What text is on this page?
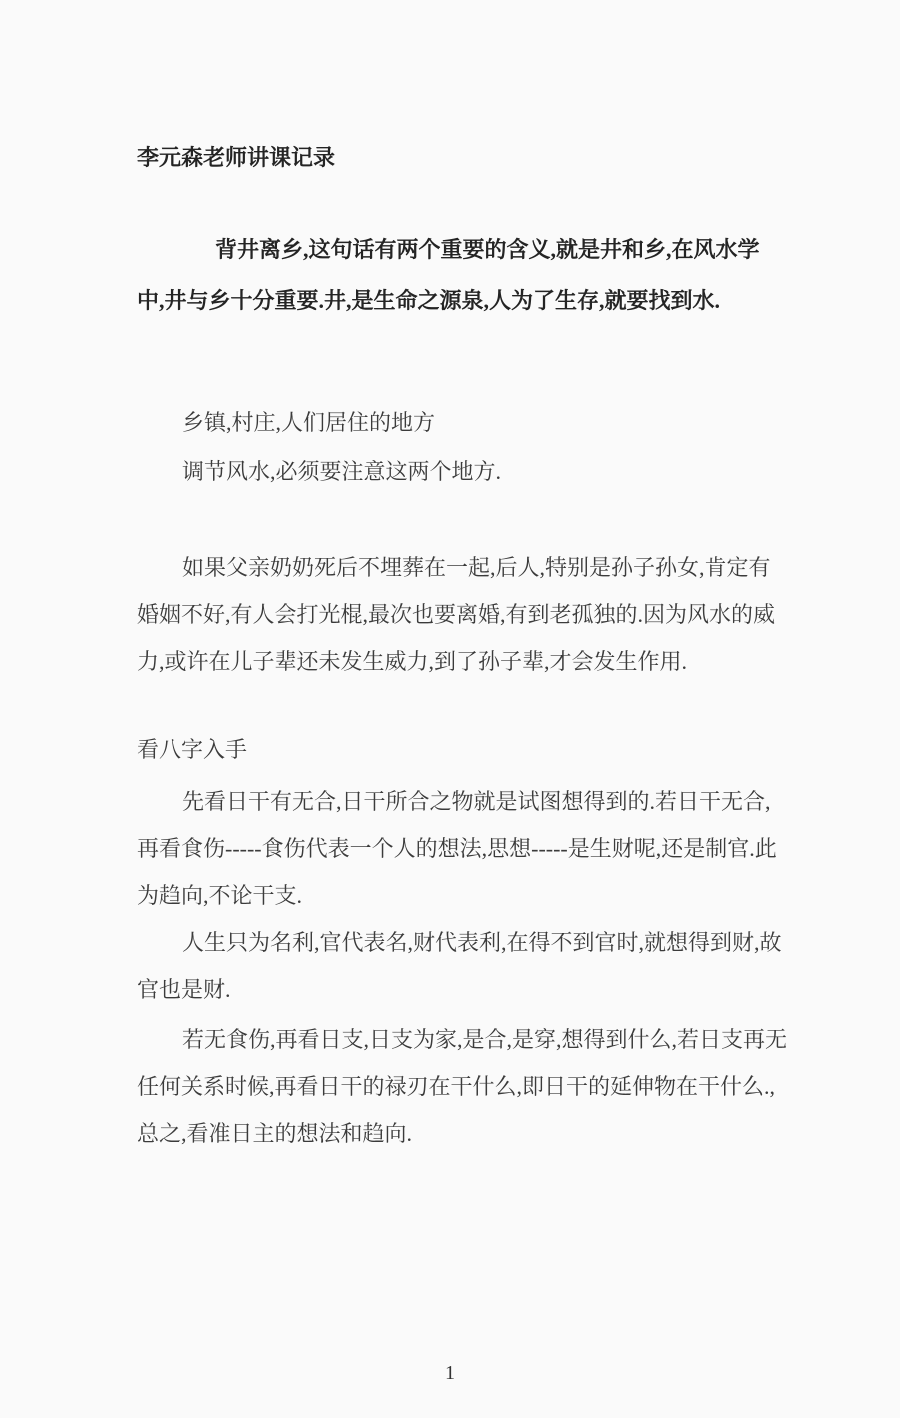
李元森老师讲课记录
背井离乡,这句话有两个重要的含义,就是井和乡,在风水学
中,井与乡十分重要.井,是生命之源泉,人为了生存,就要找到水.
乡镇,村庄,人们居住的地方
调节风水,必须要注意这两个地方.
如果父亲奶奶死后不埋葬在一起,后人,特别是孙子孙女,肯定有
婚姻不好,有人会打光棍,最次也要离婚,有到老孤独的.因为风水的威
力,或许在儿子辈还未发生威力,到了孙子辈,才会发生作用.
看八字入手
先看日干有无合,日干所合之物就是试图想得到的.若日干无合,
再看食伤-----食伤代表一个人的想法,思想-----是生财呢,还是制官.此
为趋向,不论干支.
人生只为名利,官代表名,财代表利,在得不到官时,就想得到财,故
官也是财.
若无食伤,再看日支,日支为家,是合,是穿,想得到什么,若日支再无
任何关系时候,再看日干的禄刃在干什么,即日干的延伸物在干什么.,
总之,看准日主的想法和趋向.
1
